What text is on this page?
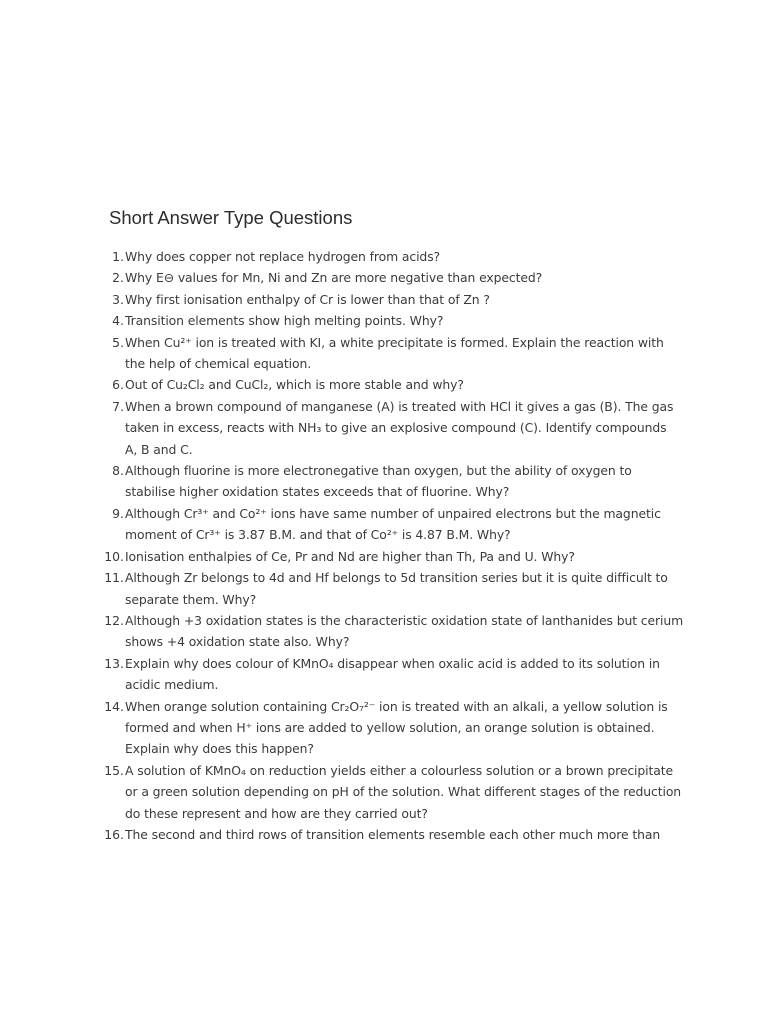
Short Answer Type Questions
1. Why does copper not replace hydrogen from acids?
2. Why E⊖ values for Mn, Ni and Zn are more negative than expected?
3. Why first ionisation enthalpy of Cr is lower than that of Zn ?
4. Transition elements show high melting points. Why?
5. When Cu²⁺ ion is treated with KI, a white precipitate is formed. Explain the reaction with
the help of chemical equation.
6. Out of Cu₂Cl₂ and CuCl₂, which is more stable and why?
7. When a brown compound of manganese (A) is treated with HCl it gives a gas (B). The gas
taken in excess, reacts with NH₃ to give an explosive compound (C). Identify compounds
A, B and C.
8. Although fluorine is more electronegative than oxygen, but the ability of oxygen to
stabilise higher oxidation states exceeds that of fluorine. Why?
9. Although Cr³⁺ and Co²⁺ ions have same number of unpaired electrons but the magnetic
moment of Cr³⁺ is 3.87 B.M. and that of Co²⁺ is 4.87 B.M. Why?
10. Ionisation enthalpies of Ce, Pr and Nd are higher than Th, Pa and U. Why?
11. Although Zr belongs to 4d and Hf belongs to 5d transition series but it is quite difficult to
separate them. Why?
12. Although +3 oxidation states is the characteristic oxidation state of lanthanides but cerium
shows +4 oxidation state also. Why?
13. Explain why does colour of KMnO₄ disappear when oxalic acid is added to its solution in
acidic medium.
14. When orange solution containing Cr₂O₇²⁻ ion is treated with an alkali, a yellow solution is
formed and when H⁺ ions are added to yellow solution, an orange solution is obtained.
Explain why does this happen?
15. A solution of KMnO₄ on reduction yields either a colourless solution or a brown precipitate
or a green solution depending on pH of the solution. What different stages of the reduction
do these represent and how are they carried out?
16. The second and third rows of transition elements resemble each other much more than
